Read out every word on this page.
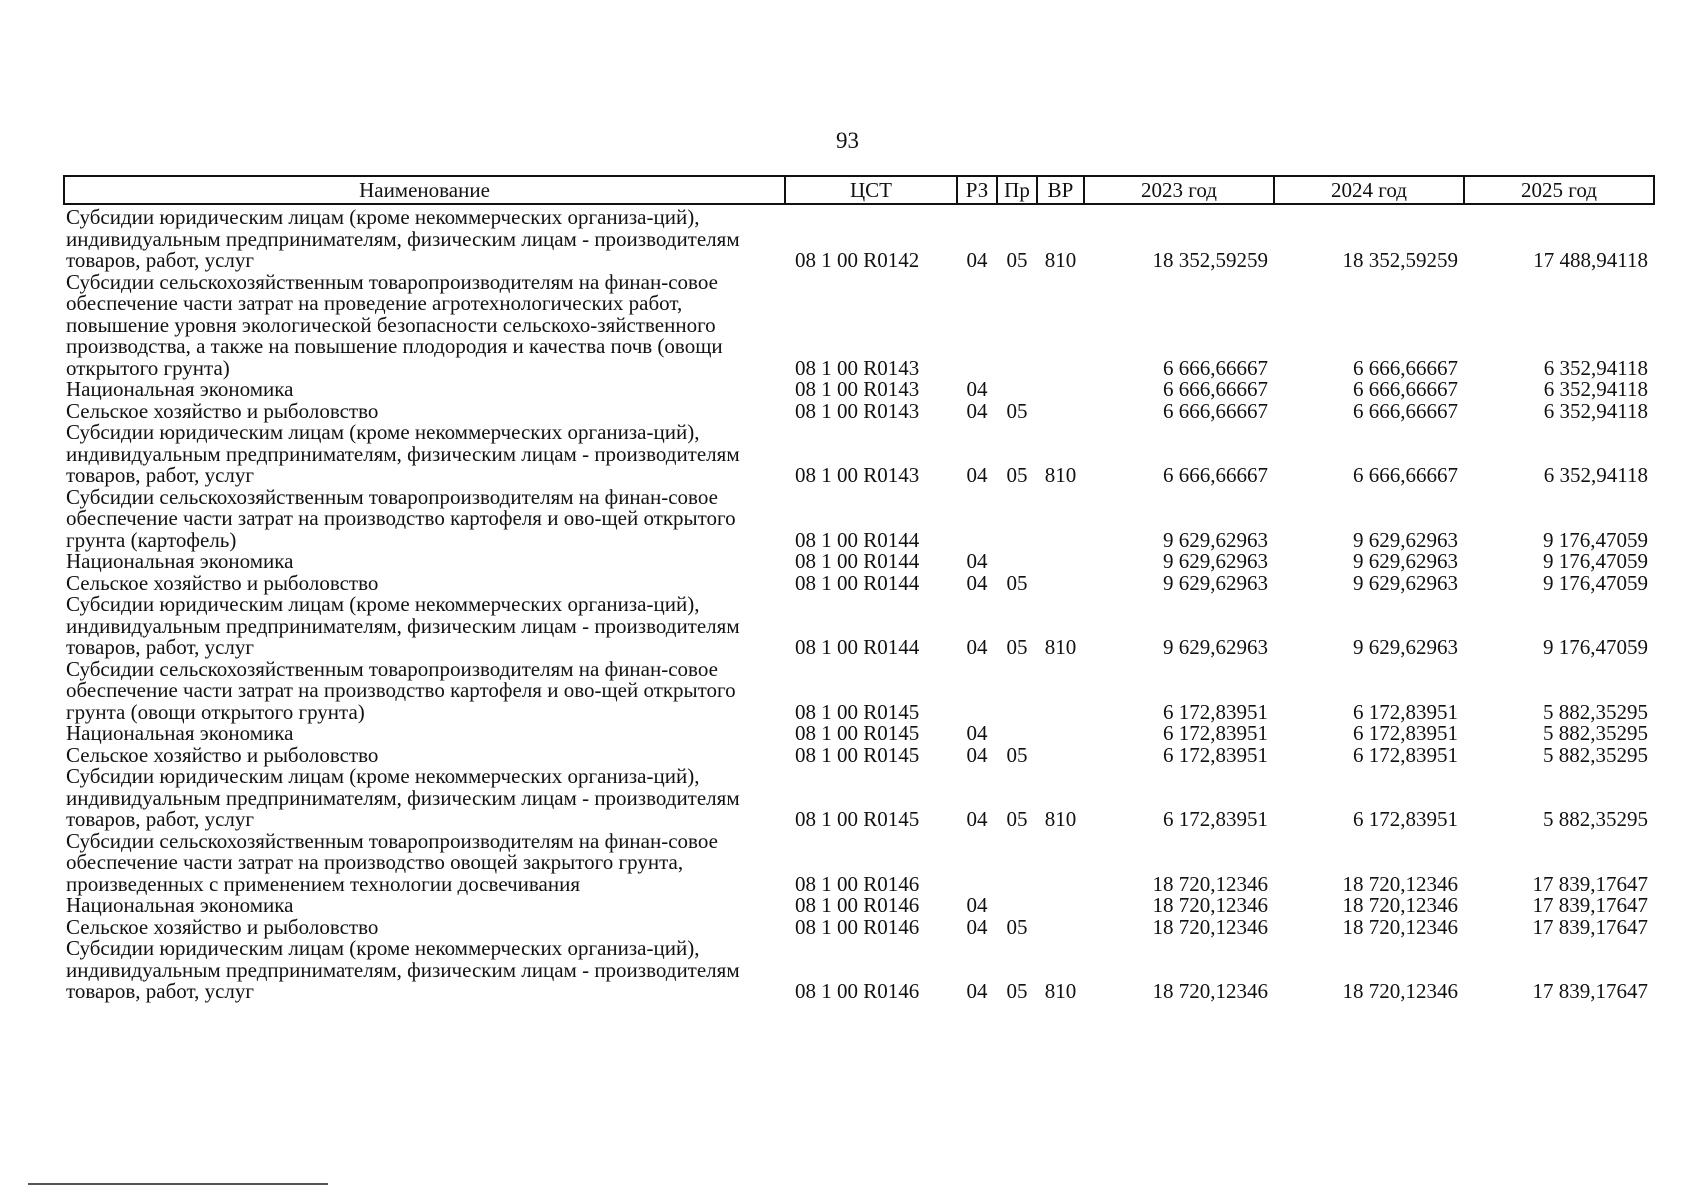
93
Наименование	ЦСТ	РЗ	Пр	ВР	2023 год	2024 год	2025 год
Субсидии юридическим лицам (кроме некоммерческих организа-ций), индивидуальным предпринимателям, физическим лицам - производителям товаров, работ, услуг	08 1 00 R0142	04	05	810	18 352,59259	18 352,59259	17 488,94118
Субсидии сельскохозяйственным товаропроизводителям на финан-совое обеспечение части затрат на проведение агротехнологических работ, повышение уровня экологической безопасности сельскохо-зяйственного производства, а также на повышение плодородия и качества почв (овощи открытого грунта)	08 1 00 R0143				6 666,66667	6 666,66667	6 352,94118
Национальная экономика	08 1 00 R0143	04			6 666,66667	6 666,66667	6 352,94118
Сельское хозяйство и рыболовство	08 1 00 R0143	04	05		6 666,66667	6 666,66667	6 352,94118
Субсидии юридическим лицам (кроме некоммерческих организа-ций), индивидуальным предпринимателям, физическим лицам - производителям товаров, работ, услуг	08 1 00 R0143	04	05	810	6 666,66667	6 666,66667	6 352,94118
Субсидии сельскохозяйственным товаропроизводителям на финан-совое обеспечение части затрат на производство картофеля и ово-щей открытого грунта (картофель)	08 1 00 R0144				9 629,62963	9 629,62963	9 176,47059
Национальная экономика	08 1 00 R0144	04			9 629,62963	9 629,62963	9 176,47059
Сельское хозяйство и рыболовство	08 1 00 R0144	04	05		9 629,62963	9 629,62963	9 176,47059
Субсидии юридическим лицам (кроме некоммерческих организа-ций), индивидуальным предпринимателям, физическим лицам - производителям товаров, работ, услуг	08 1 00 R0144	04	05	810	9 629,62963	9 629,62963	9 176,47059
Субсидии сельскохозяйственным товаропроизводителям на финан-совое обеспечение части затрат на производство картофеля и ово-щей открытого грунта (овощи открытого грунта)	08 1 00 R0145				6 172,83951	6 172,83951	5 882,35295
Национальная экономика	08 1 00 R0145	04			6 172,83951	6 172,83951	5 882,35295
Сельское хозяйство и рыболовство	08 1 00 R0145	04	05		6 172,83951	6 172,83951	5 882,35295
Субсидии юридическим лицам (кроме некоммерческих организа-ций), индивидуальным предпринимателям, физическим лицам - производителям товаров, работ, услуг	08 1 00 R0145	04	05	810	6 172,83951	6 172,83951	5 882,35295
Субсидии сельскохозяйственным товаропроизводителям на финан-совое обеспечение части затрат на производство овощей закрытого грунта, произведенных с применением технологии досвечивания	08 1 00 R0146				18 720,12346	18 720,12346	17 839,17647
Национальная экономика	08 1 00 R0146	04			18 720,12346	18 720,12346	17 839,17647
Сельское хозяйство и рыболовство	08 1 00 R0146	04	05		18 720,12346	18 720,12346	17 839,17647
Субсидии юридическим лицам (кроме некоммерческих организа-ций), индивидуальным предпринимателям, физическим лицам - производителям товаров, работ, услуг	08 1 00 R0146	04	05	810	18 720,12346	18 720,12346	17 839,17647
